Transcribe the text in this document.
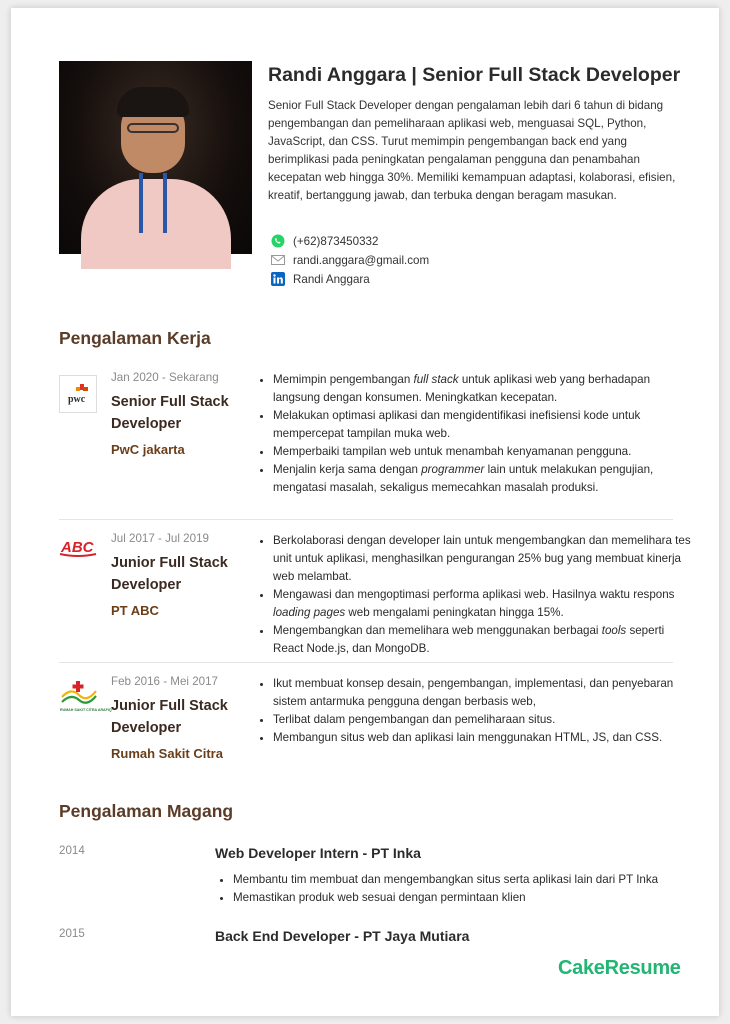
Randi Anggara | Senior Full Stack Developer

Senior Full Stack Developer dengan pengalaman lebih dari 6 tahun di bidang pengembangan dan pemeliharaan aplikasi web, menguasai SQL, Python, JavaScript, dan CSS. Turut memimpin pengembangan back end yang berimplikasi pada peningkatan pengalaman pengguna dan penambahan kecepatan web hingga 30%. Memiliki kemampuan adaptasi, kolaborasi, efisien, kreatif, bertanggung jawab, dan terbuka dengan beragam masukan.

(+62)873450332
randi.anggara@gmail.com
Randi Anggara
Pengalaman Kerja
pwc
Jan 2020 - Sekarang
Senior Full Stack Developer
PwC jakarta
• Memimpin pengembangan full stack untuk aplikasi web yang berhadapan langsung dengan konsumen. Meningkatkan kecepatan.
• Melakukan optimasi aplikasi dan mengidentifikasi inefisiensi kode untuk mempercepat tampilan muka web.
• Memperbaiki tampilan web untuk menambah kenyamanan pengguna.
• Menjalin kerja sama dengan programmer lain untuk melakukan pengujian, mengatasi masalah, sekaligus memecahkan masalah produksi.
ABC
Jul 2017 - Jul 2019
Junior Full Stack Developer
PT ABC
• Berkolaborasi dengan developer lain untuk mengembangkan dan memelihara tes unit untuk aplikasi, menghasilkan pengurangan 25% bug yang membuat kinerja web melambat.
• Mengawasi dan mengoptimasi performa aplikasi web. Hasilnya waktu respons loading pages web mengalami peningkatan hingga 15%.
• Mengembangkan dan memelihara web menggunakan berbagai tools seperti React Node.js, dan MongoDB.
RUMAH SAKIT CITRA ARAFIQ
Feb 2016 - Mei 2017
Junior Full Stack Developer
Rumah Sakit Citra
• Ikut membuat konsep desain, pengembangan, implementasi, dan penyebaran sistem antarmuka pengguna dengan berbasis web,
• Terlibat dalam pengembangan dan pemeliharaan situs.
• Membangun situs web dan aplikasi lain menggunakan HTML, JS, dan CSS.
Pengalaman Magang
2014	Web Developer Intern - PT Inka
• Membantu tim membuat dan mengembangkan situs serta aplikasi lain dari PT Inka
• Memastikan produk web sesuai dengan permintaan klien
2015	Back End Developer - PT Jaya Mutiara
CakeResume
